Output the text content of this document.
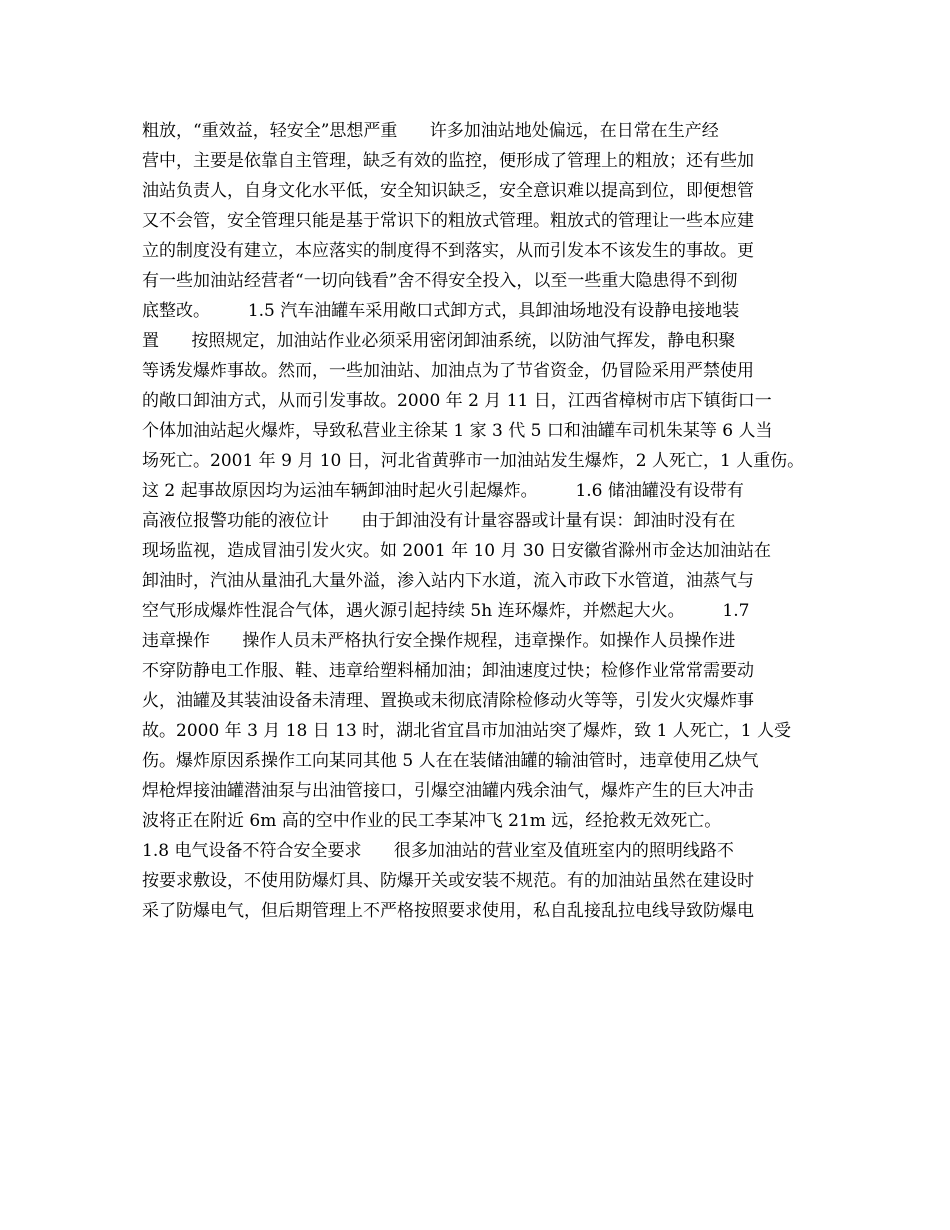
粗放，“重效益，轻安全”思想严重      许多加油站地处偏远，在日常在生产经
营中，主要是依靠自主管理，缺乏有效的监控，便形成了管理上的粗放；还有些加
油站负责人，自身文化水平低，安全知识缺乏，安全意识难以提高到位，即便想管
又不会管，安全管理只能是基于常识下的粗放式管理。粗放式的管理让一些本应建
立的制度没有建立，本应落实的制度得不到落实，从而引发本不该发生的事故。更
有一些加油站经营者“一切向钱看”舍不得安全投入，以至一些重大隐患得不到彻
底整改。       1.5 汽车油罐车采用敞口式卸方式，具卸油场地没有设静电接地装
置      按照规定，加油站作业必须采用密闭卸油系统，以防油气挥发，静电积聚
等诱发爆炸事故。然而，一些加油站、加油点为了节省资金，仍冒险采用严禁使用
的敞口卸油方式，从而引发事故。2000 年 2 月 11 日，江西省樟树市店下镇街口一
个体加油站起火爆炸，导致私营业主徐某 1 家 3 代 5 口和油罐车司机朱某等 6 人当
场死亡。2001 年 9 月 10 日，河北省黄骅市一加油站发生爆炸，2 人死亡，1 人重伤。
这 2 起事故原因均为运油车辆卸油时起火引起爆炸。       1.6 储油罐没有设带有
高液位报警功能的液位计      由于卸油没有计量容器或计量有误：卸油时没有在
现场监视，造成冒油引发火灾。如 2001 年 10 月 30 日安徽省滁州市金达加油站在
卸油时，汽油从量油孔大量外溢，渗入站内下水道，流入市政下水管道，油蒸气与
空气形成爆炸性混合气体，遇火源引起持续 5h 连环爆炸，并燃起大火。       1.7
违章操作      操作人员未严格执行安全操作规程，违章操作。如操作人员操作进
不穿防静电工作服、鞋、违章给塑料桶加油；卸油速度过快；检修作业常常需要动
火，油罐及其装油设备未清理、置换或未彻底清除检修动火等等，引发火灾爆炸事
故。2000 年 3 月 18 日 13 时，湖北省宜昌市加油站突了爆炸，致 1 人死亡，1 人受
伤。爆炸原因系操作工向某同其他 5 人在在装储油罐的输油管时，违章使用乙炔气
焊枪焊接油罐潜油泵与出油管接口，引爆空油罐内残余油气，爆炸产生的巨大冲击
波将正在附近 6m 高的空中作业的民工李某冲飞 21m 远，经抢救无效死亡。
1.8 电气设备不符合安全要求      很多加油站的营业室及值班室内的照明线路不
按要求敷设，不使用防爆灯具、防爆开关或安装不规范。有的加油站虽然在建设时
采了防爆电气，但后期管理上不严格按照要求使用，私自乱接乱拉电线导致防爆电
